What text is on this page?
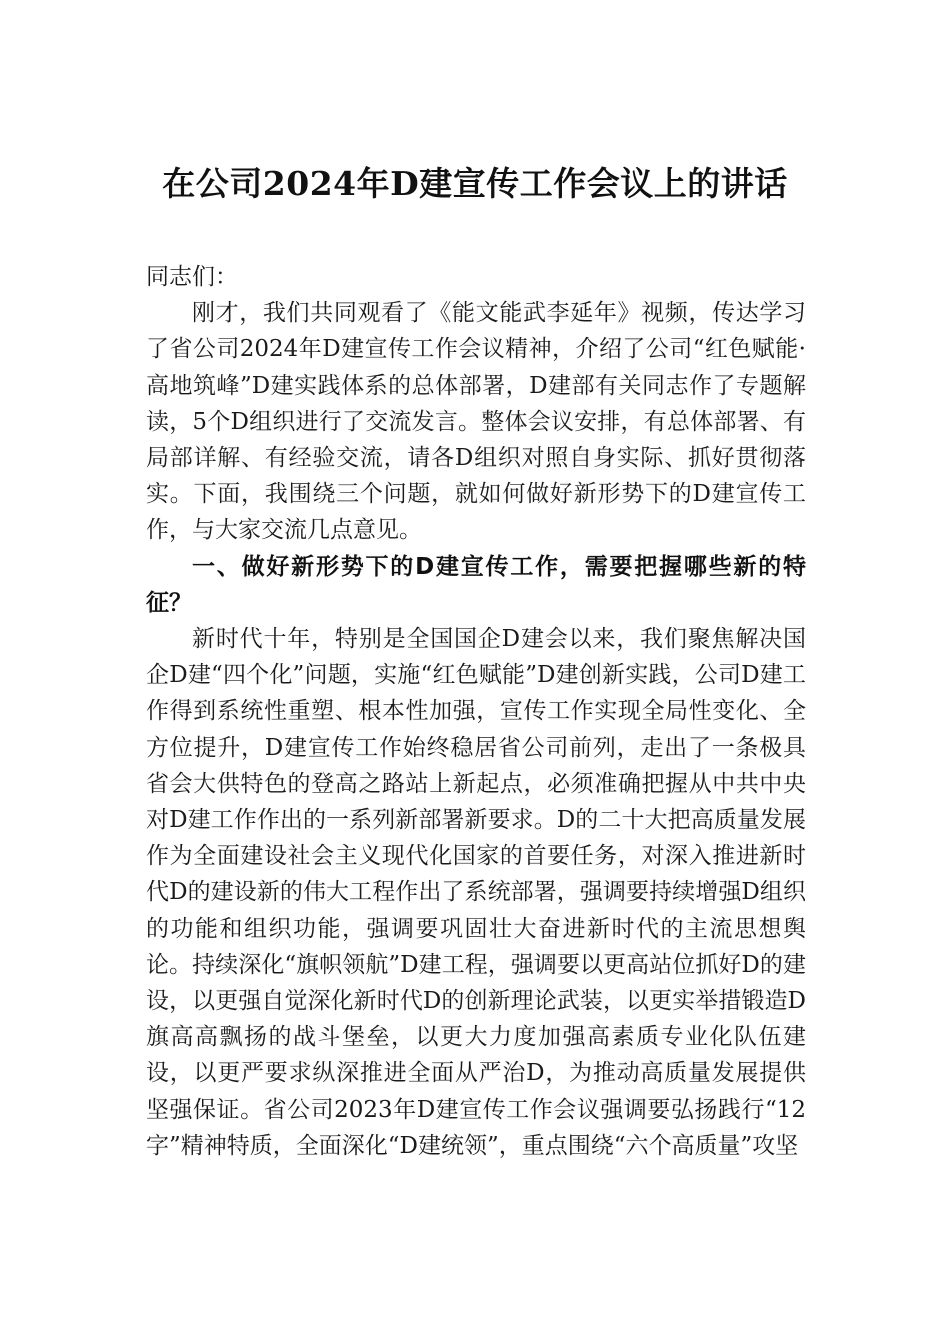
在公司2024年D建宣传工作会议上的讲话

同志们：

刚才，我们共同观看了《能文能武李延年》视频，传达学习了省公司2024年D建宣传工作会议精神，介绍了公司“红色赋能·高地筑峰”D建实践体系的总体部署，D建部有关同志作了专题解读，5个D组织进行了交流发言。整体会议安排，有总体部署、有局部详解、有经验交流，请各D组织对照自身实际、抓好贯彻落实。下面，我围绕三个问题，就如何做好新形势下的D建宣传工作，与大家交流几点意见。

一、做好新形势下的D建宣传工作，需要把握哪些新的特征？

新时代十年，特别是全国国企D建会以来，我们聚焦解决国企D建“四个化”问题，实施“红色赋能”D建创新实践，公司D建工作得到系统性重塑、根本性加强，宣传工作实现全局性变化、全方位提升，D建宣传工作始终稳居省公司前列，走出了一条极具省会大供特色的登高之路站上新起点，必须准确把握从中共中央对D建工作作出的一系列新部署新要求。D的二十大把高质量发展作为全面建设社会主义现代化国家的首要任务，对深入推进新时代D的建设新的伟大工程作出了系统部署，强调要持续增强D组织的功能和组织功能，强调要巩固壮大奋进新时代的主流思想舆论。持续深化“旗帜领航”D建工程，强调要以更高站位抓好D的建设，以更强自觉深化新时代D的创新理论武装，以更实举措锻造D旗高高飘扬的战斗堡垒，以更大力度加强高素质专业化队伍建设，以更严要求纵深推进全面从严治D，为推动高质量发展提供坚强保证。省公司2023年D建宣传工作会议强调要弘扬践行“12字”精神特质，全面深化“D建统领”，重点围绕“六个高质量”攻坚
